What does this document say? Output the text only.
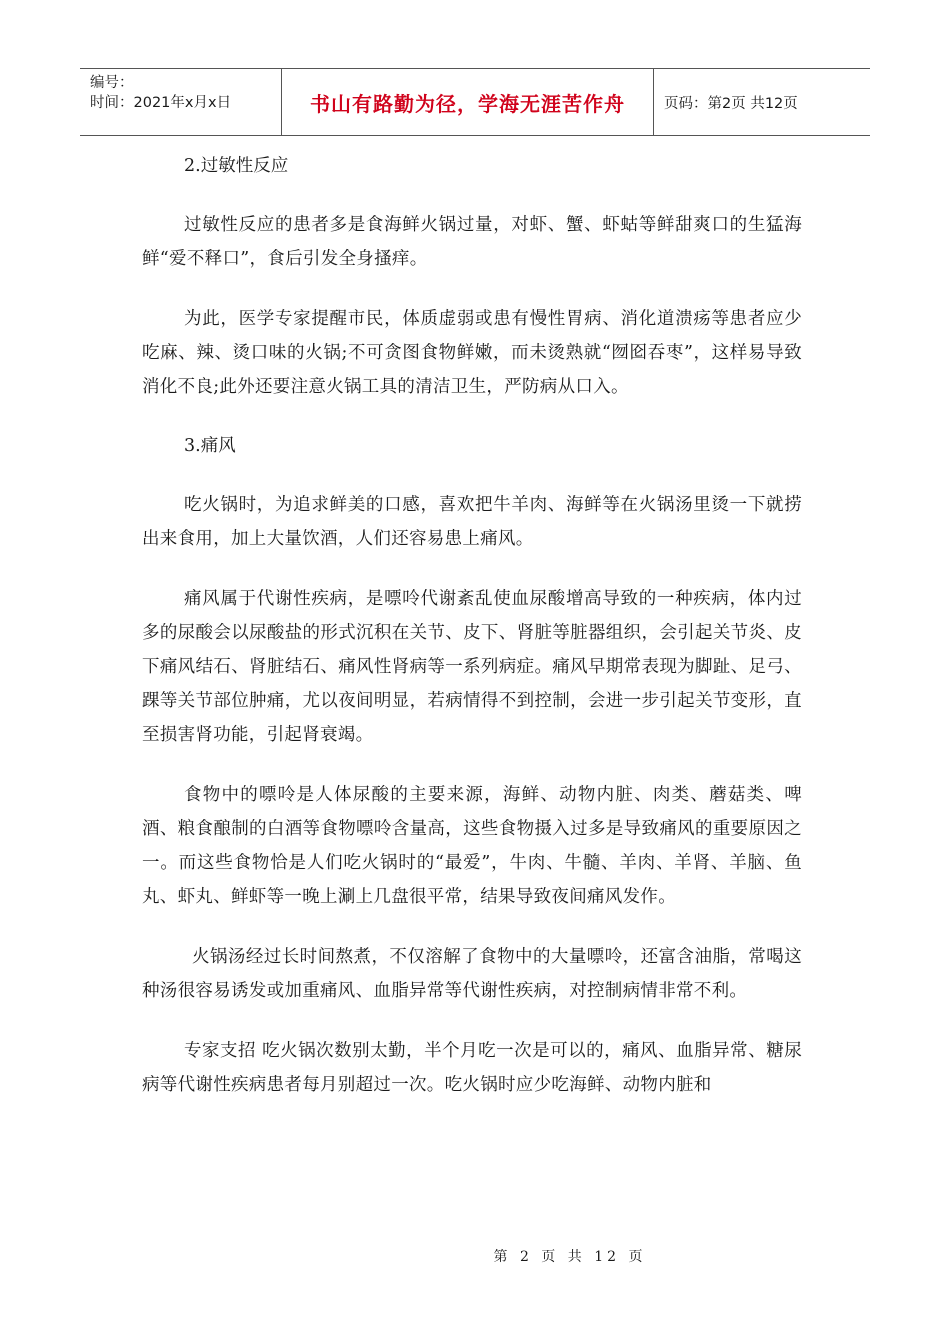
编号：
时间：2021年x月x日	书山有路勤为径，学海无涯苦作舟	页码：第2页 共12页
2.过敏性反应
过敏性反应的患者多是食海鲜火锅过量，对虾、蟹、虾蛄等鲜甜爽口的生猛海鲜“爱不释口”，食后引发全身搔痒。
为此，医学专家提醒市民，体质虚弱或患有慢性胃病、消化道溃疡等患者应少吃麻、辣、烫口味的火锅;不可贪图食物鲜嫩，而未烫熟就“囫囵吞枣”，这样易导致消化不良;此外还要注意火锅工具的清洁卫生，严防病从口入。
3.痛风
吃火锅时，为追求鲜美的口感，喜欢把牛羊肉、海鲜等在火锅汤里烫一下就捞出来食用，加上大量饮酒，人们还容易患上痛风。
痛风属于代谢性疾病，是嘌呤代谢紊乱使血尿酸增高导致的一种疾病，体内过多的尿酸会以尿酸盐的形式沉积在关节、皮下、肾脏等脏器组织，会引起关节炎、皮下痛风结石、肾脏结石、痛风性肾病等一系列病症。痛风早期常表现为脚趾、足弓、踝等关节部位肿痛，尤以夜间明显，若病情得不到控制，会进一步引起关节变形，直至损害肾功能，引起肾衰竭。
食物中的嘌呤是人体尿酸的主要来源，海鲜、动物内脏、肉类、蘑菇类、啤酒、粮食酿制的白酒等食物嘌呤含量高，这些食物摄入过多是导致痛风的重要原因之一。而这些食物恰是人们吃火锅时的“最爱”，牛肉、牛髓、羊肉、羊肾、羊脑、鱼丸、虾丸、鲜虾等一晚上涮上几盘很平常，结果导致夜间痛风发作。
火锅汤经过长时间熬煮，不仅溶解了食物中的大量嘌呤，还富含油脂，常喝这种汤很容易诱发或加重痛风、血脂异常等代谢性疾病，对控制病情非常不利。
专家支招 吃火锅次数别太勤，半个月吃一次是可以的，痛风、血脂异常、糖尿病等代谢性疾病患者每月别超过一次。吃火锅时应少吃海鲜、动物内脏和
第 2 页 共 12 页
